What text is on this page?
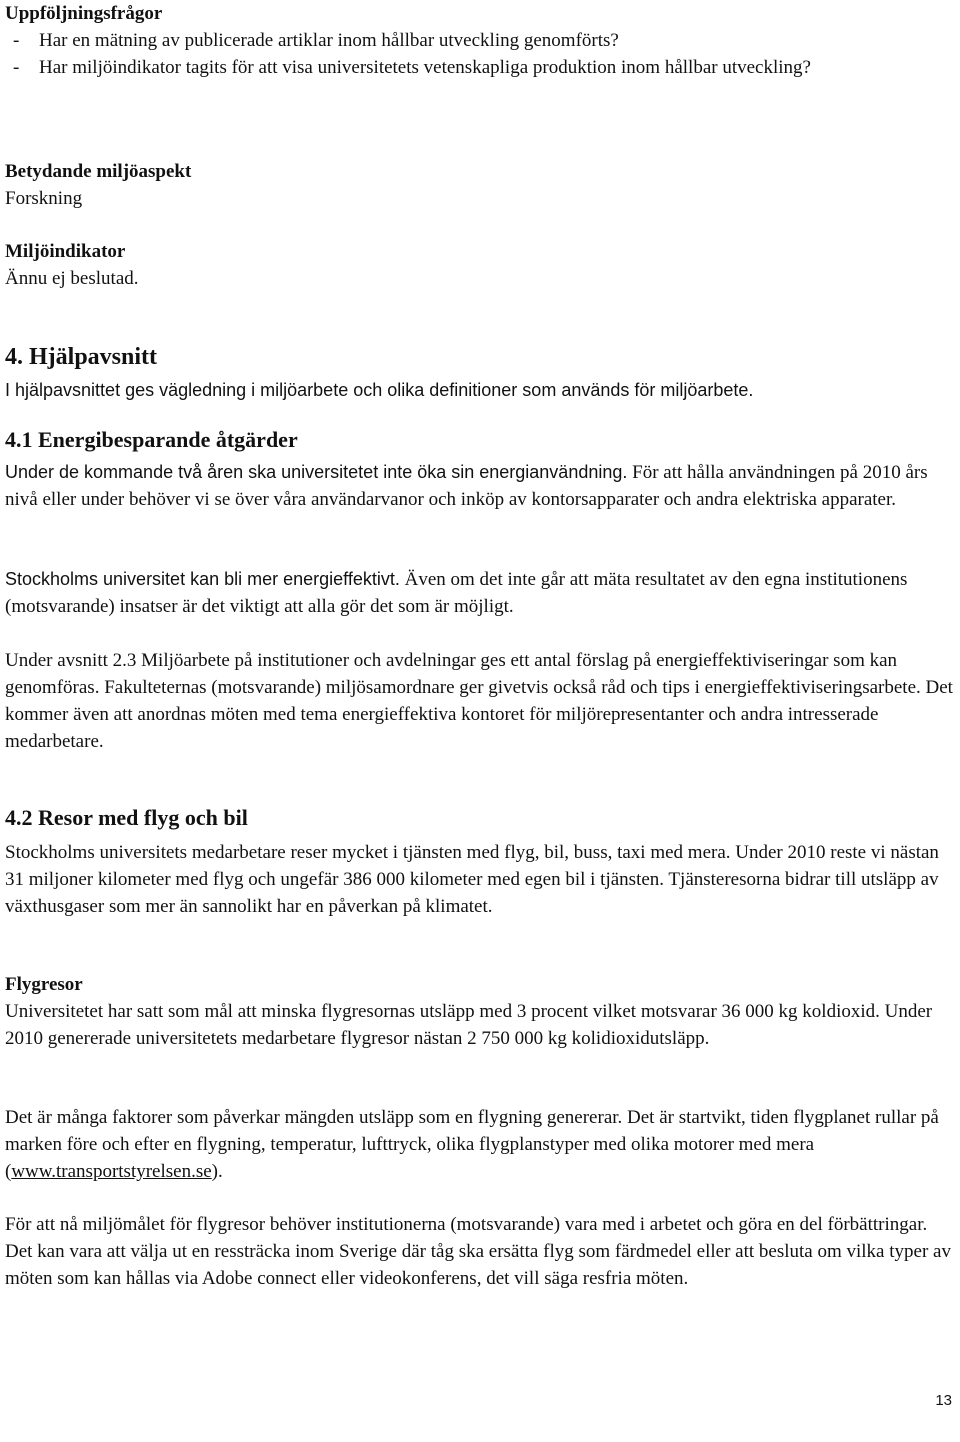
Uppföljningsfrågor

-	Har en mätning av publicerade artiklar inom hållbar utveckling genomförts?
-	Har miljöindikator tagits för att visa universitetets vetenskapliga produktion inom hållbar utveckling?

Betydande miljöaspekt

Forskning

Miljöindikator

Ännu ej beslutad.

4. Hjälpavsnitt

I hjälpavsnittet ges vägledning i miljöarbete och olika definitioner som används för miljöarbete.

4.1 Energibesparande åtgärder

Under de kommande två åren ska universitetet inte öka sin energianvändning. För att hålla användningen på 2010 års nivå eller under behöver vi se över våra användarvanor och inköp av kontorsapparater och andra elektriska apparater.

Stockholms universitet kan bli mer energieffektivt. Även om det inte går att mäta resultatet av den egna institutionens (motsvarande) insatser är det viktigt att alla gör det som är möjligt.

Under avsnitt 2.3 Miljöarbete på institutioner och avdelningar ges ett antal förslag på energieffektiviseringar som kan genomföras. Fakulteternas (motsvarande) miljösamordnare ger givetvis också råd och tips i energieffektiviseringsarbete. Det kommer även att anordnas möten med tema energieffektiva kontoret för miljörepresentanter och andra intresserade medarbetare.

4.2 Resor med flyg och bil

Stockholms universitets medarbetare reser mycket i tjänsten med flyg, bil, buss, taxi med mera. Under 2010 reste vi nästan 31 miljoner kilometer med flyg och ungefär 386 000 kilometer med egen bil i tjänsten. Tjänsteresorna bidrar till utsläpp av växthusgaser som mer än sannolikt har en påverkan på klimatet.

Flygresor

Universitetet har satt som mål att minska flygresornas utsläpp med 3 procent vilket motsvarar 36 000 kg koldioxid. Under 2010 genererade universitetets medarbetare flygresor nästan 2 750 000 kg kolidioxidutsläpp.

Det är många faktorer som påverkar mängden utsläpp som en flygning genererar. Det är startvikt, tiden flygplanet rullar på marken före och efter en flygning, temperatur, lufttryck, olika flygplanstyper med olika motorer med mera (www.transportstyrelsen.se).

För att nå miljömålet för flygresor behöver institutionerna (motsvarande) vara med i arbetet och göra en del förbättringar. Det kan vara att välja ut en ressträcka inom Sverige där tåg ska ersätta flyg som färdmedel eller att besluta om vilka typer av möten som kan hållas via Adobe connect eller videokonferens, det vill säga resfria möten.

13
